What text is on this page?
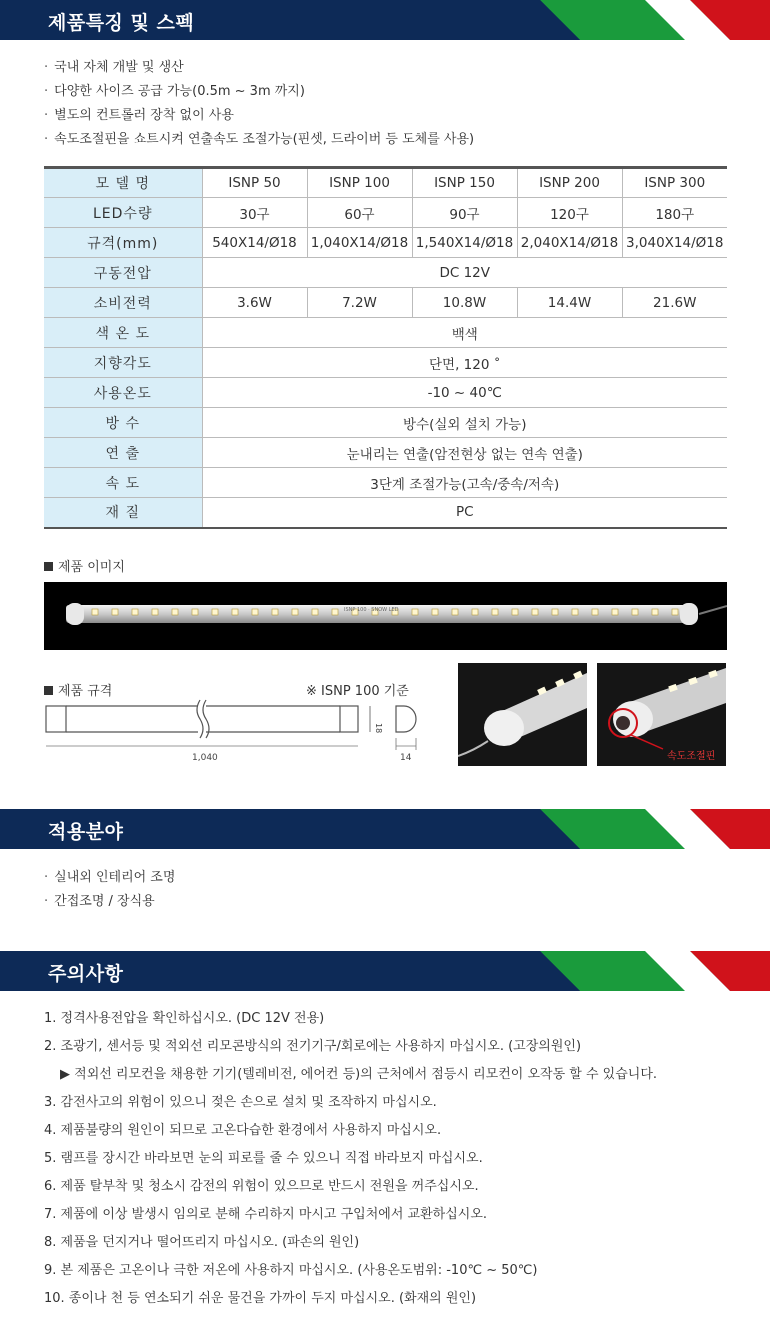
제품특징 및 스펙
· 국내 자체 개발 및 생산
· 다양한 사이즈 공급 가능(0.5m ~ 3m 까지)
· 별도의 컨트롤러 장착 없이 사용
· 속도조절핀을 쇼트시켜 연출속도 조절가능(핀셋, 드라이버 등 도체를 사용)
모 델 명	ISNP 50	ISNP 100	ISNP 150	ISNP 200	ISNP 300
LED수량	30구	60구	90구	120구	180구
규격(mm)	540X14/Ø18	1,040X14/Ø18	1,540X14/Ø18	2,040X14/Ø18	3,040X14/Ø18
구동전압	DC 12V				
소비전력	3.6W	7.2W	10.8W	14.4W	21.6W
색 온 도	백색				
지향각도	단면, 120 ˚				
사용온도	-10 ~ 40℃				
방 수	방수(실외 설치 가능)				
연 출	눈내리는 연출(암전현상 없는 연속 연출)				
속 도	3단계 조절가능(고속/중속/저속)				
재 질	PC				
제품 이미지
ISNP 100 · SNOW LED
제품 규격	※ ISNP 100 기준
1,040
18
14	속도조절핀
적용분야
· 실내외 인테리어 조명
· 간접조명 / 장식용
주의사항
1. 정격사용전압을 확인하십시오. (DC 12V 전용)
2. 조광기, 센서등 및 적외선 리모콘방식의 전기기구/회로에는 사용하지 마십시오. (고장의원인)
▶ 적외선 리모컨을 채용한 기기(텔레비전, 에어컨 등)의 근처에서 점등시 리모컨이 오작동 할 수 있습니다.
3. 감전사고의 위험이 있으니 젖은 손으로 설치 및 조작하지 마십시오.
4. 제품불량의 원인이 되므로 고온다습한 환경에서 사용하지 마십시오.
5. 램프를 장시간 바라보면 눈의 피로를 줄 수 있으니 직접 바라보지 마십시오.
6. 제품 탈부착 및 청소시 감전의 위험이 있으므로 반드시 전원을 꺼주십시오.
7. 제품에 이상 발생시 임의로 분해 수리하지 마시고 구입처에서 교환하십시오.
8. 제품을 던지거나 떨어뜨리지 마십시오. (파손의 원인)
9. 본 제품은 고온이나 극한 저온에 사용하지 마십시오. (사용온도범위: -10℃ ~ 50℃)
10. 종이나 천 등 연소되기 쉬운 물건을 가까이 두지 마십시오. (화재의 원인)
